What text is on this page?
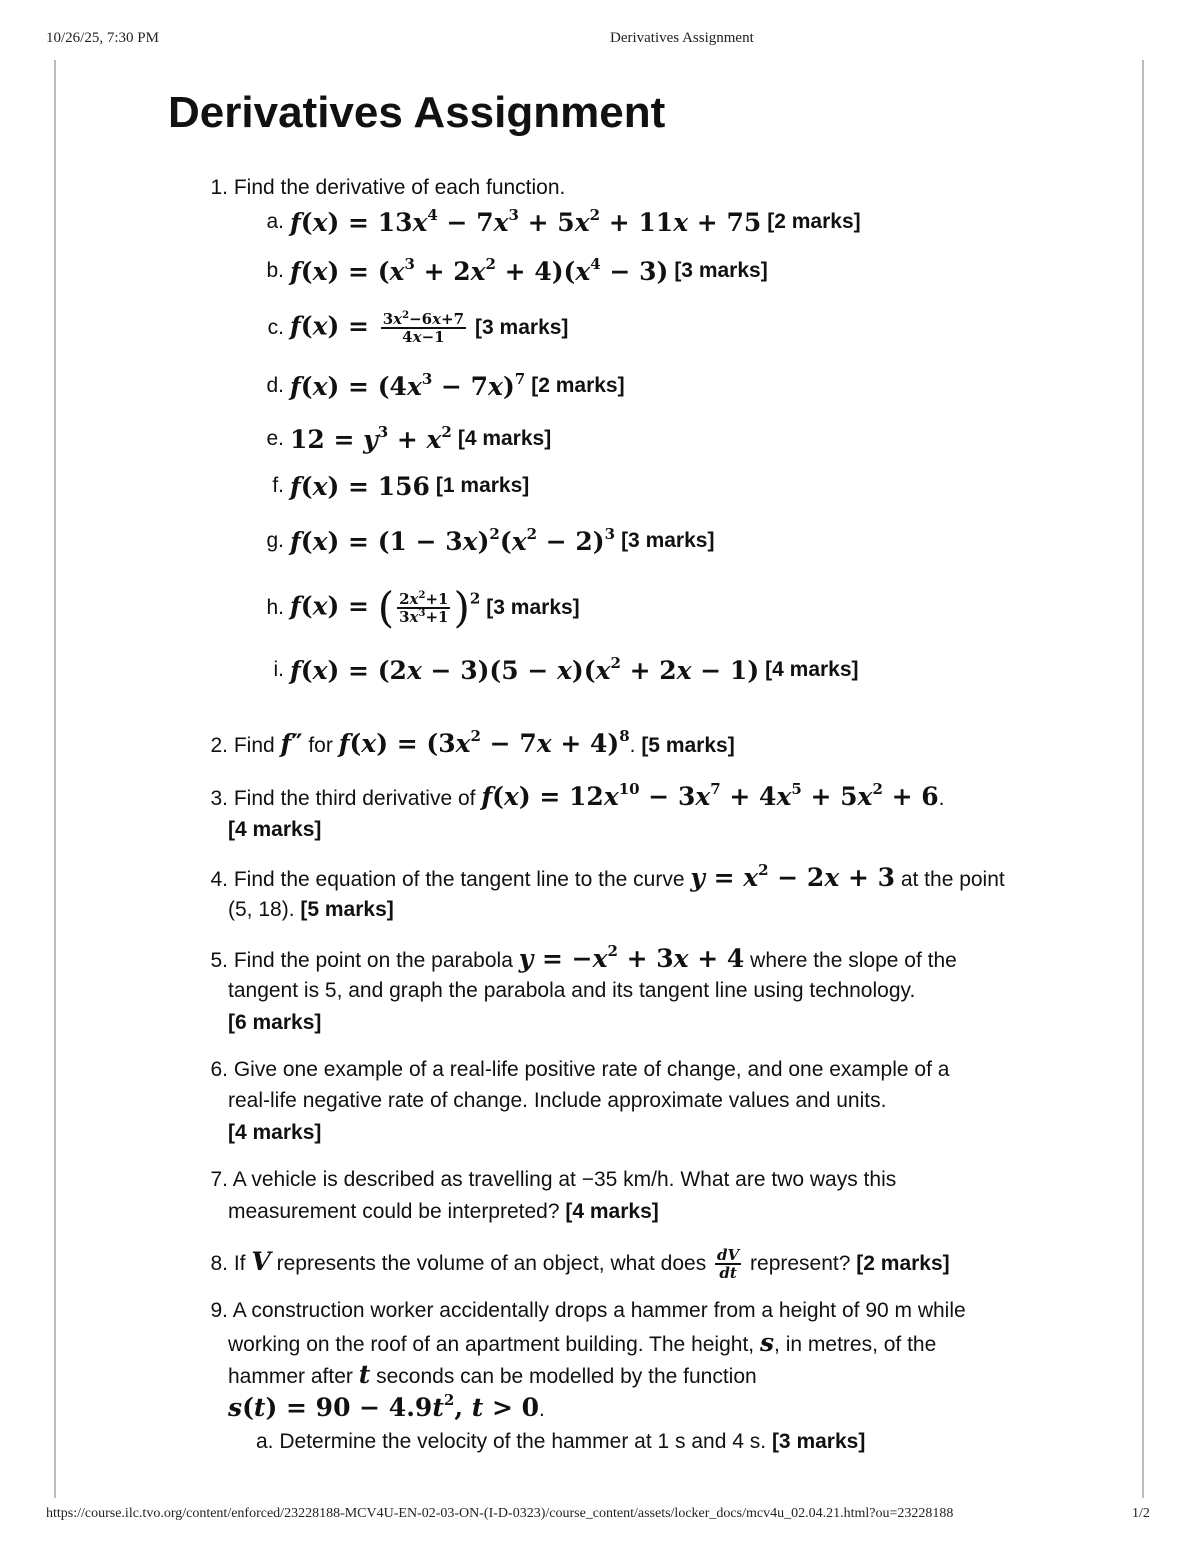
10/26/25, 7:30 PM	Derivatives Assignment
Derivatives Assignment
1. Find the derivative of each function.
a. $f(x) = 13x^4 - 7x^3 + 5x^2 + 11x + 75$ [2 marks]
b. $f(x) = (x^3 + 2x^2 + 4)(x^4 - 3)$ [3 marks]
c. $f(x) = \frac{3x^2-6x+7}{4x-1} [3$ marks]
d. $f(x) = (4x^3 - 7x)^7$ [2 marks]
e. $12 = y^3 + x^2$ [4 marks]
f. f(x) = 156 [1 marks]
g. $f(x) = (1 - 3x)^2(x^2 - 2)^3$ [3 marks]
h. f(x) = ( $\frac{2x^2+1}{3x^3+1} )^2$ [3 marks]
i. $f(x) = (2x - 3)(5 - x)(x^2 + 2x - 1)$ [4 marks]
2. Find f″ for $f(x) = (3x^2 - 7x + 4)^8$. [5 marks]
3. Find the third derivative of $f(x) = 12x^{10} - 3x^7 + 4x^5 + 5x^2 + 6$.
[4 marks]
4. Find the equation of the tangent line to the curve $y = x^2 - 2x + 3$ at the point
(5, 18). [5 marks]
5. Find the point on the parabola $y = -x^2 + 3x + 4$ where the slope of the
tangent is 5, and graph the parabola and its tangent line using technology.
[6 marks]
6. Give one example of a real-life positive rate of change, and one example of a
real-life negative rate of change. Include approximate values and units.
[4 marks]
7. A vehicle is described as travelling at −35 km/h. What are two ways this
measurement could be interpreted? [4 marks]
8. If V represents the volume of an object, what does $\frac{dV}{dt}$ represent? [2 marks]
9. A construction worker accidentally drops a hammer from a height of 90 m while
working on the roof of an apartment building. The height, s, in metres, of the
hammer after t seconds can be modelled by the function
$s(t) = 90 - 4.9t^2$, t > 0.
a. Determine the velocity of the hammer at 1 s and 4 s. [3 marks]
https://course.ilc.tvo.org/content/enforced/23228188-MCV4U-EN-02-03-ON-(I-D-0323)/course_content/assets/locker_docs/mcv4u_02.04.21.html?ou=23228188	1/2
